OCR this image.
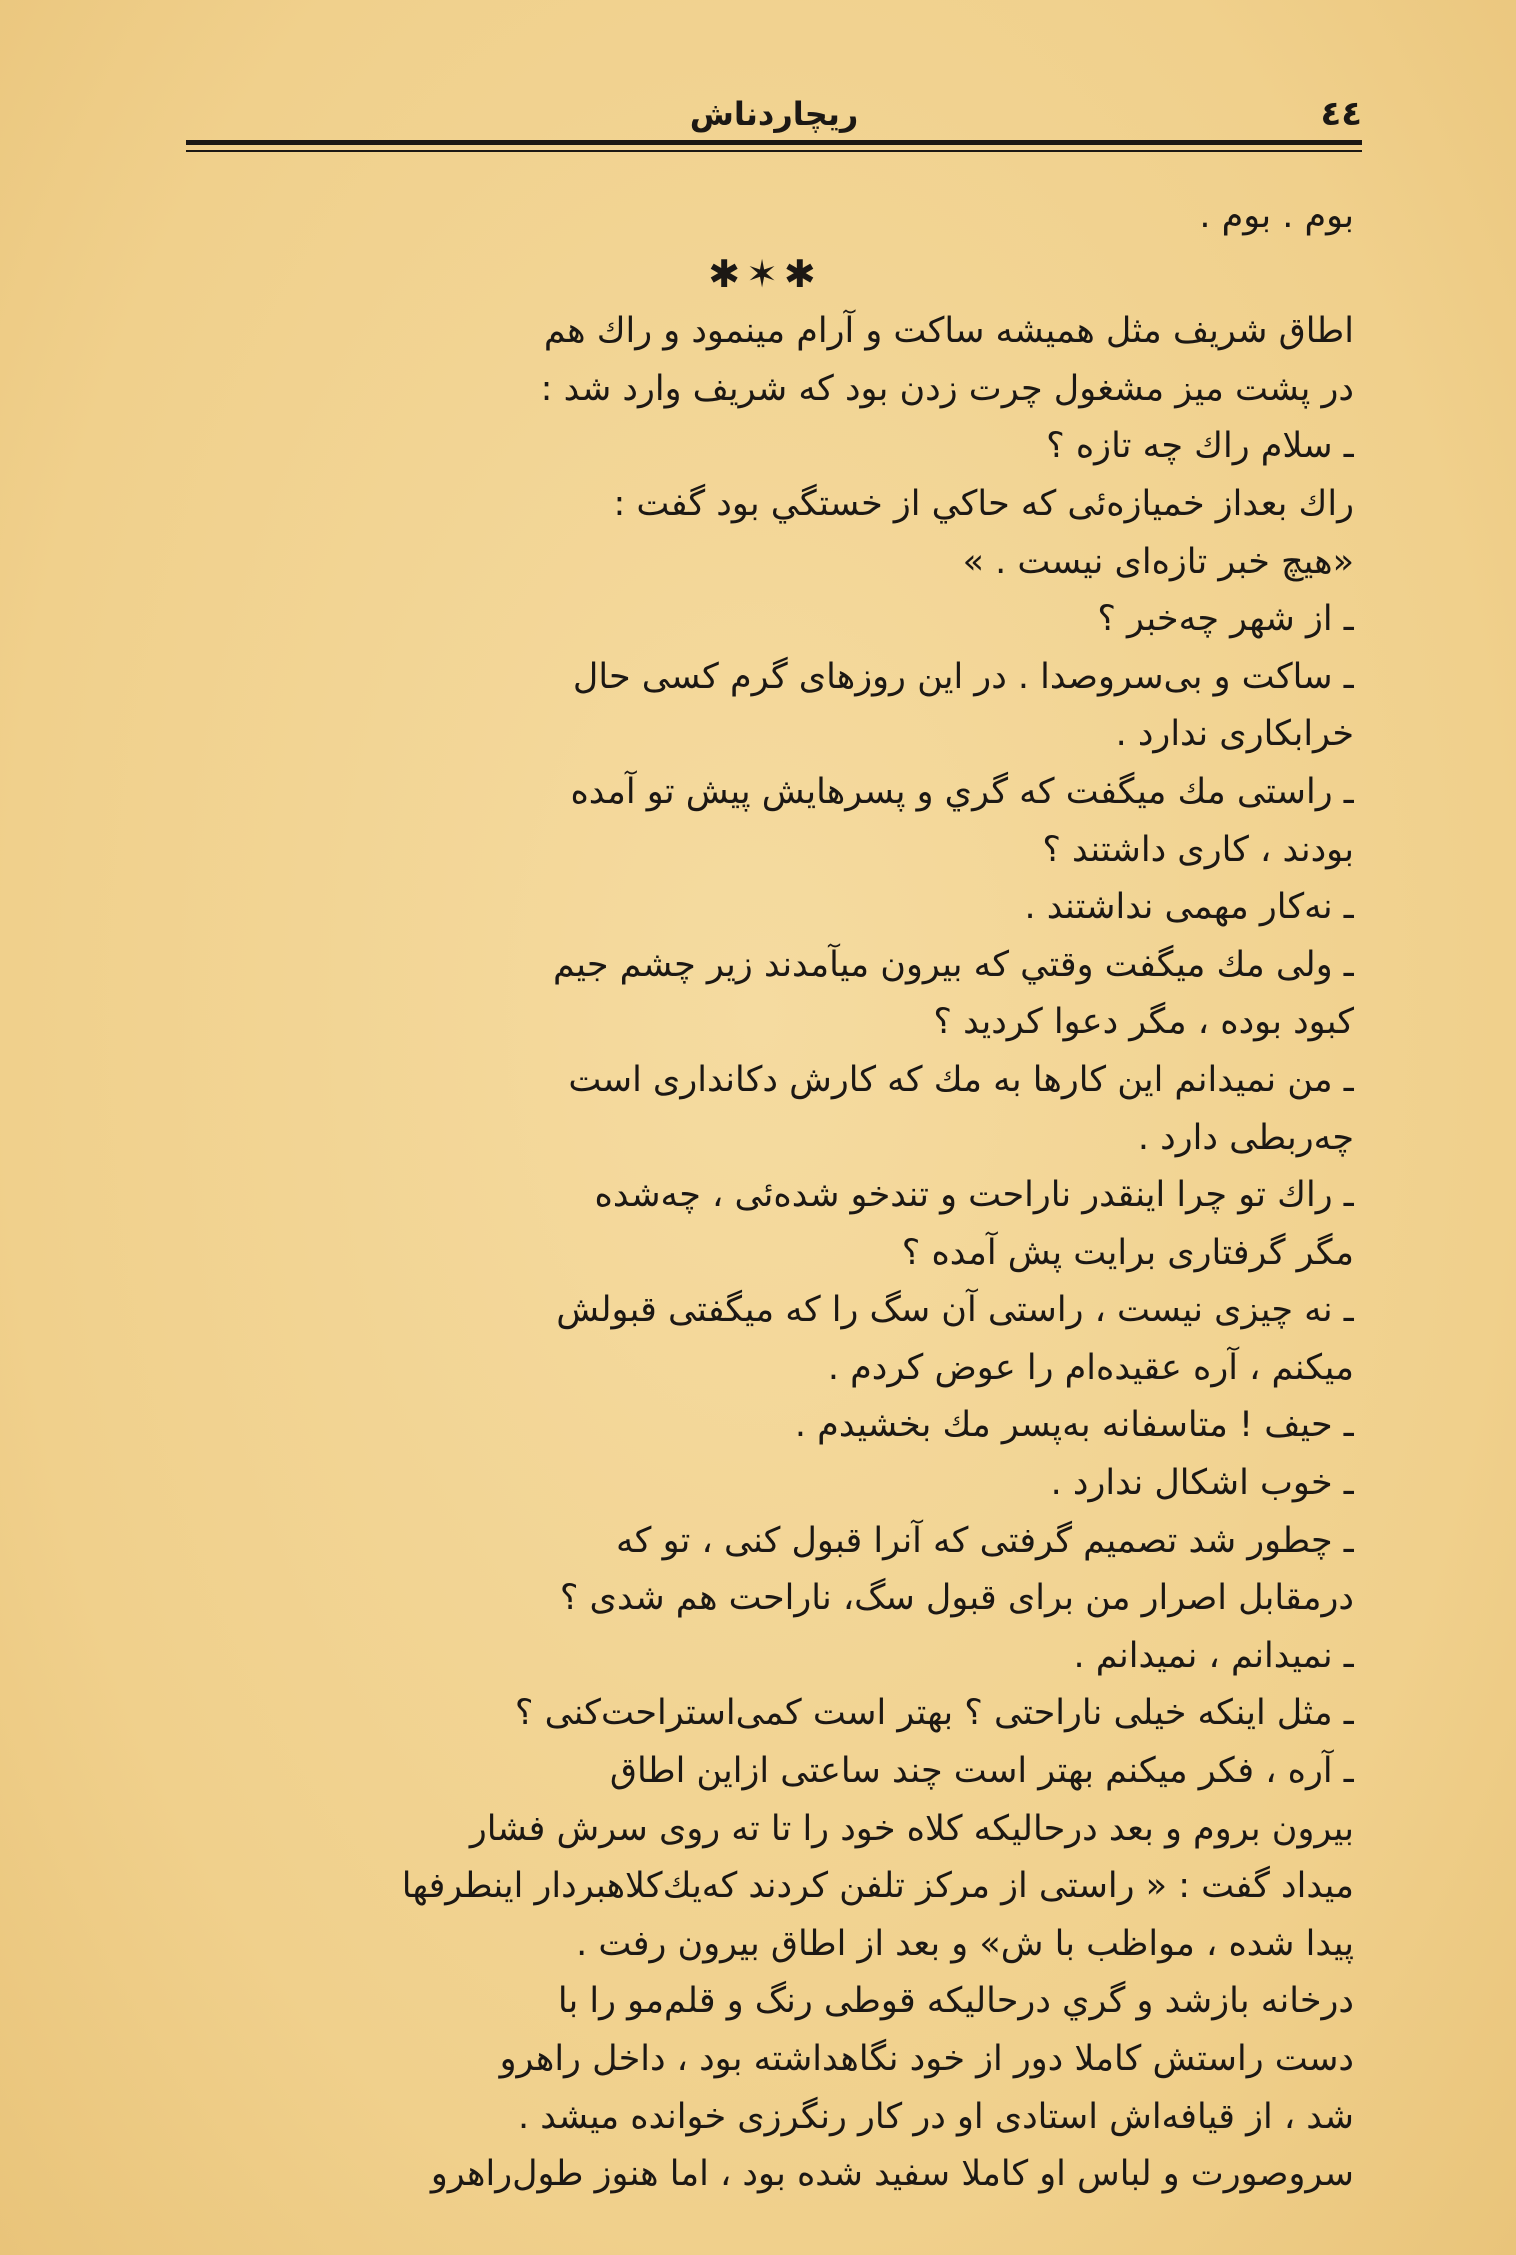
٤٤
ریچاردناش
بوم . بوم .
✱✶✱
اطاق شریف مثل همیشه ساکت و آرام مینمود و راك هم
در پشت میز مشغول چرت زدن بود که شریف وارد شد :
ـ سلام راك چه تازه ؟
راك بعداز خمیازه‌ئی که حاکي از خستگي بود گفت :
«هیچ خبر تازه‌ای نیست . »
ـ از شهر چه‌خبر ؟
ـ ساکت و بی‌سروصدا . در این روزهای گرم کسی حال
خرابکاری ندارد .
ـ راستی مك میگفت که گري و پسرهایش پیش تو آمده
بودند ، کاری داشتند ؟
ـ نه‌کار مهمی نداشتند .
ـ ولی مك میگفت وقتي که بیرون میآمدند زیر چشم جیم
کبود بوده ، مگر دعوا کردید ؟
ـ من نمیدانم این کارها به مك که کارش دکانداری است
چه‌ربطی دارد .
ـ راك تو چرا اینقدر ناراحت و تندخو شده‌ئی ، چه‌شده
مگر گرفتاری برایت پش آمده ؟
ـ نه چیزی نیست ، راستی آن سگ را که میگفتی قبولش
میکنم ، آره عقیده‌ام را عوض کردم .
ـ حیف ! متاسفانه به‌پسر مك بخشیدم .
ـ خوب اشکال ندارد .
ـ چطور شد تصمیم گرفتی که آنرا قبول کنی ، تو که
درمقابل اصرار من برای قبول سگ، ناراحت هم شدی ؟
ـ نمیدانم ، نمیدانم .
ـ مثل اینکه خیلی ناراحتی ؟ بهتر است کمی‌استراحت‌کنی ؟
ـ آره ، فکر میکنم بهتر است چند ساعتی ازاین اطاق
بیرون بروم و بعد درحالیکه کلاه خود را تا ته روی سرش فشار
میداد گفت : « راستی از مرکز تلفن کردند که‌یك‌کلاهبردار اینطرفها
پیدا شده ، مواظب با ش» و بعد از اطاق بیرون رفت .
درخانه بازشد و گري درحالیکه قوطی رنگ و قلم‌مو را با
دست راستش کاملا دور از خود نگاهداشته بود ، داخل راهرو
شد ، از قیافه‌اش استادی او در کار رنگرزی خوانده میشد .
سروصورت و لباس او کاملا سفید شده بود ، اما هنوز طول‌راهرو
